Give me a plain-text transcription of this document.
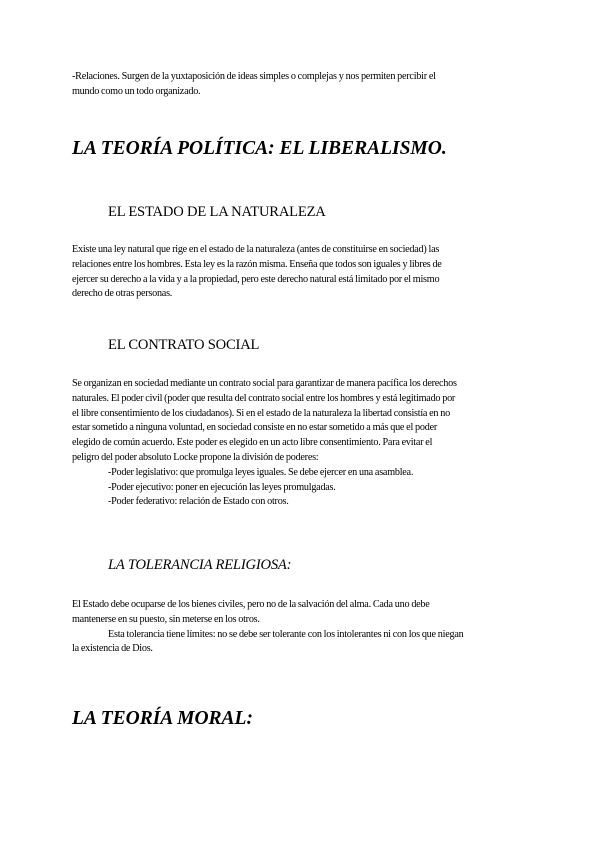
-Relaciones. Surgen de la yuxtaposición de ideas simples o complejas y nos permiten percibir el
mundo como un todo organizado.
LA TEORÍA POLÍTICA: EL LIBERALISMO.
EL ESTADO DE LA NATURALEZA
Existe una ley natural que rige en el estado de la naturaleza (antes de constituirse en sociedad) las
relaciones entre los hombres. Esta ley es la razón misma. Enseña que todos son iguales y libres de
ejercer su derecho a la vida y a la propiedad, pero este derecho natural está limitado por el mismo
derecho de otras personas.
EL CONTRATO SOCIAL
Se organizan en sociedad mediante un contrato social para garantizar de manera pacífica los derechos
naturales. El poder civil (poder que resulta del contrato social entre los hombres y está legitimado por
el libre consentimiento de los ciudadanos). Si en el estado de la naturaleza la libertad consistía en no
estar sometido a ninguna voluntad, en sociedad consiste en no estar sometido a más que el poder
elegido de común acuerdo. Este poder es elegido en un acto libre consentimiento. Para evitar el
peligro del poder absoluto Locke propone la división de poderes:
-Poder legislativo: que promulga leyes iguales. Se debe ejercer en una asamblea.
-Poder ejecutivo: poner en ejecución las leyes promulgadas.
-Poder federativo: relación de Estado con otros.
LA TOLERANCIA RELIGIOSA:
El Estado debe ocuparse de los bienes civiles, pero no de la salvación del alma. Cada uno debe
mantenerse en su puesto, sin meterse en los otros.
Esta tolerancia tiene límites: no se debe ser tolerante con los intolerantes ni con los que niegan
la existencia de Dios.
LA TEORÍA MORAL:
